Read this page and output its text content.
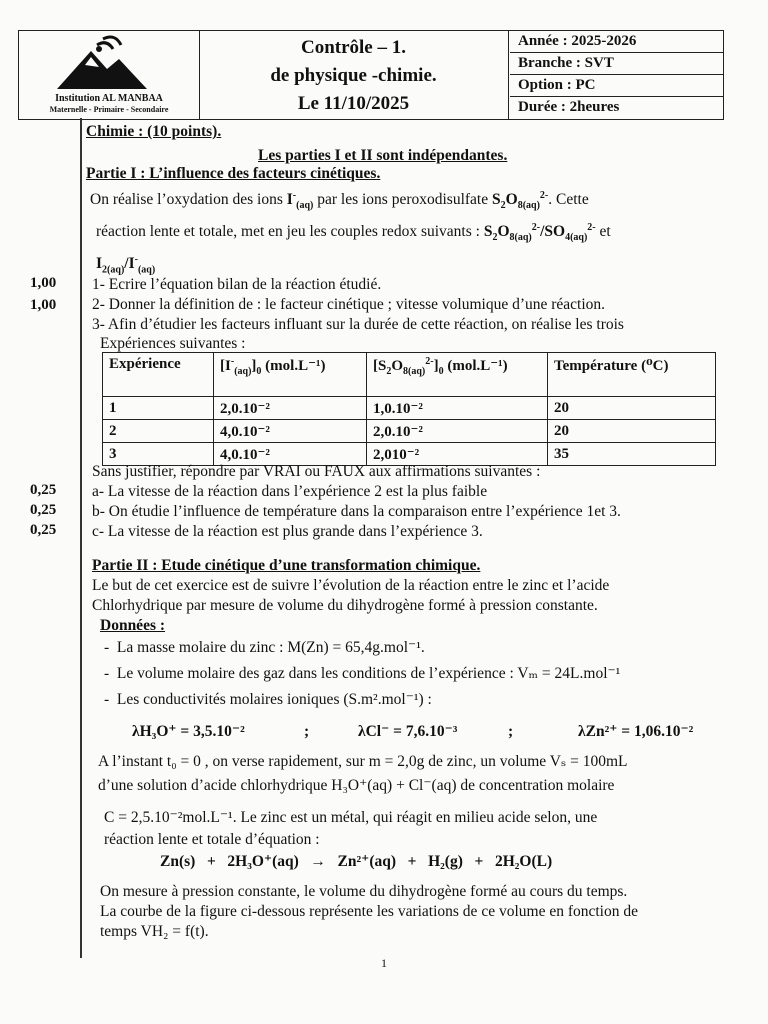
Institution AL MANBAA
Maternelle - Primaire - Secondaire
Contrôle – 1.
de physique -chimie.
Le 11/10/2025
Année : 2025-2026
Branche : SVT
Option : PC
Durée : 2heures
1,00
1,00
0,25
0,25
0,25
Chimie : (10 points).
Les parties I et II sont indépendantes.
Partie I : L’influence des facteurs cinétiques.
On réalise l’oxydation des ions $I^-_{(aq)}$ par les ions peroxodisulfate $S_2O_{8(aq)}^{2-}$. Cette
réaction lente et totale, met en jeu les couples redox suivants : $S_2O_{8(aq)}^{2-}/SO_{4(aq)}^{2-}$ et
$I_{2(aq)}/I^-_{(aq)}$
1- Ecrire l’équation bilan de la réaction étudié.
2- Donner la définition de : le facteur cinétique ; vitesse volumique d’une réaction.
3- Afin d’étudier les facteurs influant sur la durée de cette réaction, on réalise les trois
Expériences suivantes :
Expérience	$[I^-_{(aq)}]_0$ (mol.L⁻¹)	$[S_2O_{8(aq)}^{2-}]_0$ (mol.L⁻¹)	Température (⁰C)
1	2,0.10⁻²	1,0.10⁻²	20
2	4,0.10⁻²	2,0.10⁻²	20
3	4,0.10⁻²	2,010⁻²	35
Sans justifier, répondre par VRAI ou FAUX aux affirmations suivantes :
a- La vitesse de la réaction dans l’expérience 2 est la plus faible
b- On étudie l’influence de température dans la comparaison entre l’expérience 1et 3.
c- La vitesse de la réaction est plus grande dans l’expérience 3.
Partie II : Etude cinétique d’une transformation chimique.
Le but de cet exercice est de suivre l’évolution de la réaction entre le zinc et l’acide
Chlorhydrique par mesure de volume du dihydrogène formé à pression constante.
Données :
-  La masse molaire du zinc : M(Zn) = 65,4g.mol⁻¹.
-  Le volume molaire des gaz dans les conditions de l’expérience : Vₘ = 24L.mol⁻¹
-  Les conductivités molaires ioniques (S.m².mol⁻¹) :
λH₃O⁺ = 3,5.10⁻²	;	λCl⁻ = 7,6.10⁻³	;	λZn²⁺ = 1,06.10⁻²
A l’instant t₀ = 0 , on verse rapidement, sur m = 2,0g de zinc, un volume Vₛ = 100mL
d’une solution d’acide chlorhydrique H₃O⁺(aq) + Cl⁻(aq) de concentration molaire
C = 2,5.10⁻²mol.L⁻¹. Le zinc est un métal, qui réagit en milieu acide selon, une
réaction lente et totale d’équation :
Zn(s)   +   2H₃O⁺(aq)   →   Zn²⁺(aq)   +   H₂(g)   +   2H₂O(L)
On mesure à pression constante, le volume du dihydrogène formé au cours du temps.
La courbe de la figure ci-dessous représente les variations de ce volume en fonction de
temps VH₂ = f(t).
1
